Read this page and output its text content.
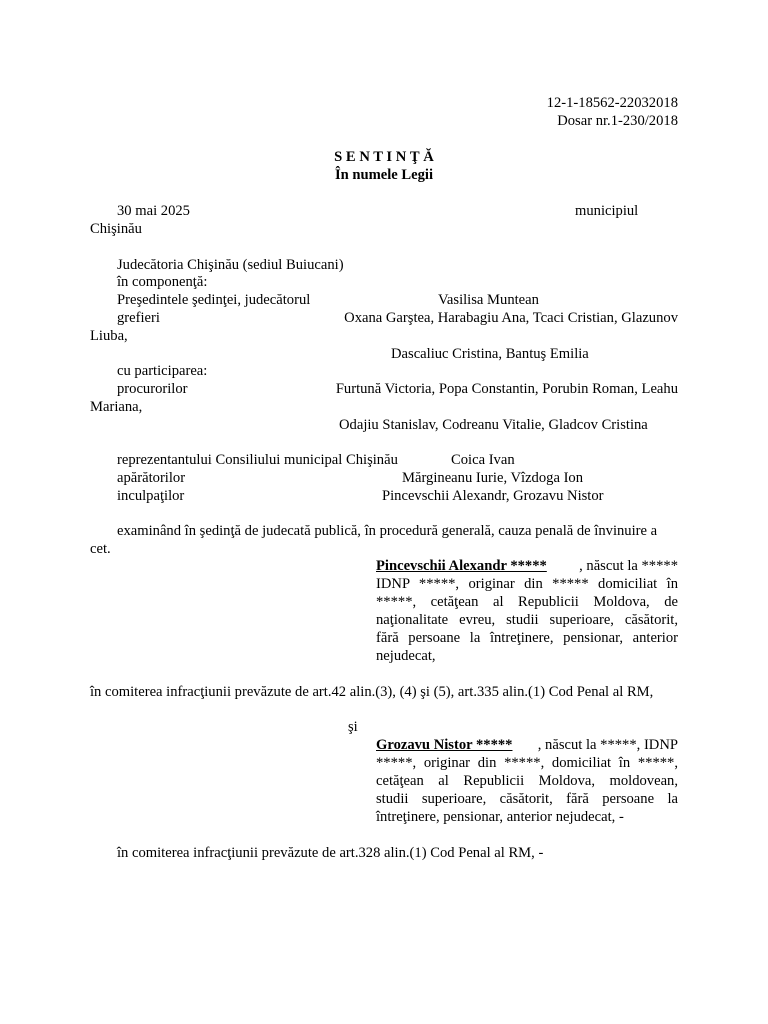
12-1-18562-22032018
Dosar nr.1-230/2018
S E N T I N Ţ Ă
În numele Legii
30 mai 2025	municipiul
Chişinău
Judecătoria Chişinău (sediul Buiucani)
în componenţă:
Preşedintele şedinţei, judecătorul	Vasilisa Muntean
grefieri	Oxana Garştea, Harabagiu Ana, Tcaci Cristian, Glazunov
Liuba,
Dascaliuc Cristina, Bantuş Emilia
cu participarea:
procurorilor	Furtună Victoria, Popa Constantin, Porubin Roman, Leahu
Mariana,
Odajiu Stanislav, Codreanu Vitalie, Gladcov Cristina
reprezentantului Consiliului municipal Chişinău	Coica Ivan
apărătorilor	Mărgineanu Iurie, Vîzdoga Ion
inculpaţilor	Pincevschii Alexandr, Grozavu Nistor
examinând în şedinţă de judecată publică, în procedură generală, cauza penală de învinuire a
cet.
Pincevschii Alexandr ***** , născut la *****
IDNP *****, originar din ***** domiciliat în
*****, cetăţean al Republicii Moldova, de
naţionalitate evreu, studii superioare, căsătorit,
fără persoane la întreţinere, pensionar, anterior
nejudecat,
în comiterea infracţiunii prevăzute de art.42 alin.(3), (4) şi (5), art.335 alin.(1) Cod Penal al RM,
şi
Grozavu Nistor ***** , născut la *****, IDNP
*****, originar din *****, domiciliat în *****,
cetăţean al Republicii Moldova, moldovean,
studii superioare, căsătorit, fără persoane la
întreţinere, pensionar, anterior nejudecat, -
în comiterea infracţiunii prevăzute de art.328 alin.(1) Cod Penal al RM, -
